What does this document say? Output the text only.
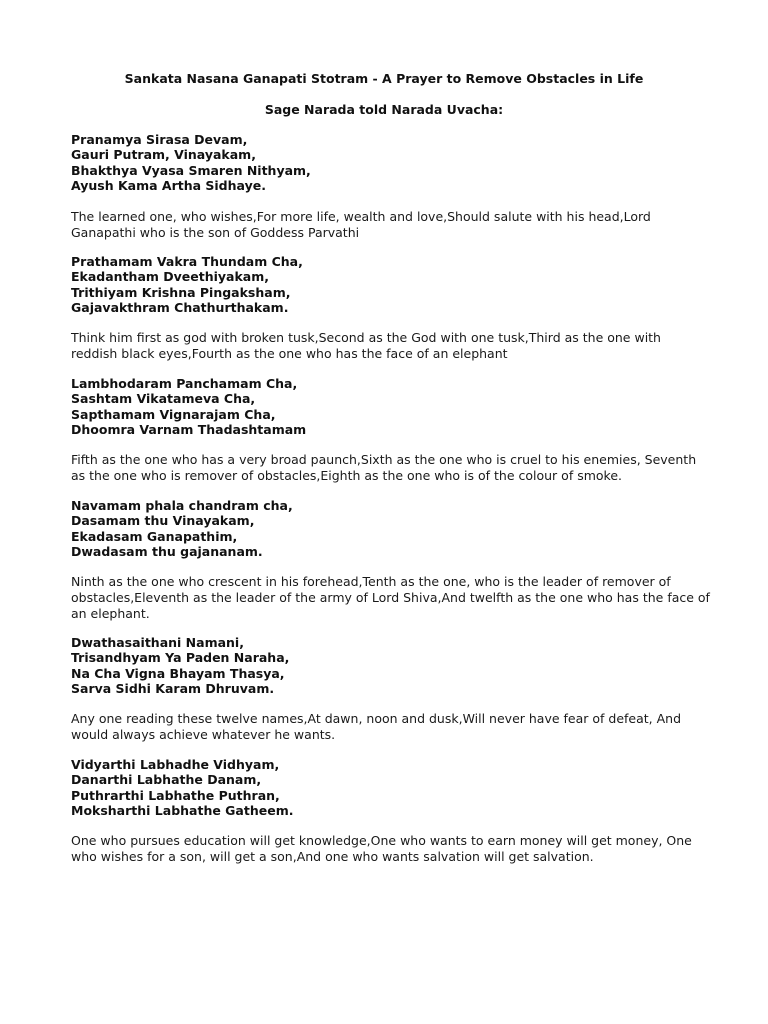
Sankata Nasana Ganapati Stotram - A Prayer to Remove Obstacles in Life
Sage Narada told Narada Uvacha:
Pranamya Sirasa Devam,
Gauri Putram, Vinayakam,
Bhakthya Vyasa Smaren Nithyam,
Ayush Kama Artha Sidhaye.
The learned one, who wishes,For more life, wealth and love,Should salute with his head,Lord Ganapathi who is the son of Goddess Parvathi
Prathamam Vakra Thundam Cha,
Ekadantham Dveethiyakam,
Trithiyam Krishna Pingaksham,
Gajavakthram Chathurthakam.
Think him first as god with broken tusk,Second as the God with one tusk,Third as the one with reddish black eyes,Fourth as the one who has the face of an elephant
Lambhodaram Panchamam Cha,
Sashtam Vikatameva Cha,
Sapthamam Vignarajam Cha,
Dhoomra Varnam Thadashtamam
Fifth as the one who has a very broad paunch,Sixth as the one who is cruel to his enemies, Seventh as the one who is remover of obstacles,Eighth as the one who is of the colour of smoke.
Navamam phala chandram cha,
Dasamam thu Vinayakam,
Ekadasam Ganapathim,
Dwadasam thu gajananam.
Ninth as the one who crescent in his forehead,Tenth as the one, who is the leader of remover of obstacles,Eleventh as the leader of the army of Lord Shiva,And twelfth as the one who has the face of an elephant.
Dwathasaithani Namani,
Trisandhyam Ya Paden Naraha,
Na Cha Vigna Bhayam Thasya,
Sarva Sidhi Karam Dhruvam.
Any one reading these twelve names,At dawn, noon and dusk,Will never have fear of defeat, And would always achieve whatever he wants.
Vidyarthi Labhadhe Vidhyam,
Danarthi Labhathe Danam,
Puthrarthi Labhathe Puthran,
Moksharthi Labhathe Gatheem.
One who pursues education will get knowledge,One who wants to earn money will get money, One who wishes for a son, will get a son,And one who wants salvation will get salvation.
